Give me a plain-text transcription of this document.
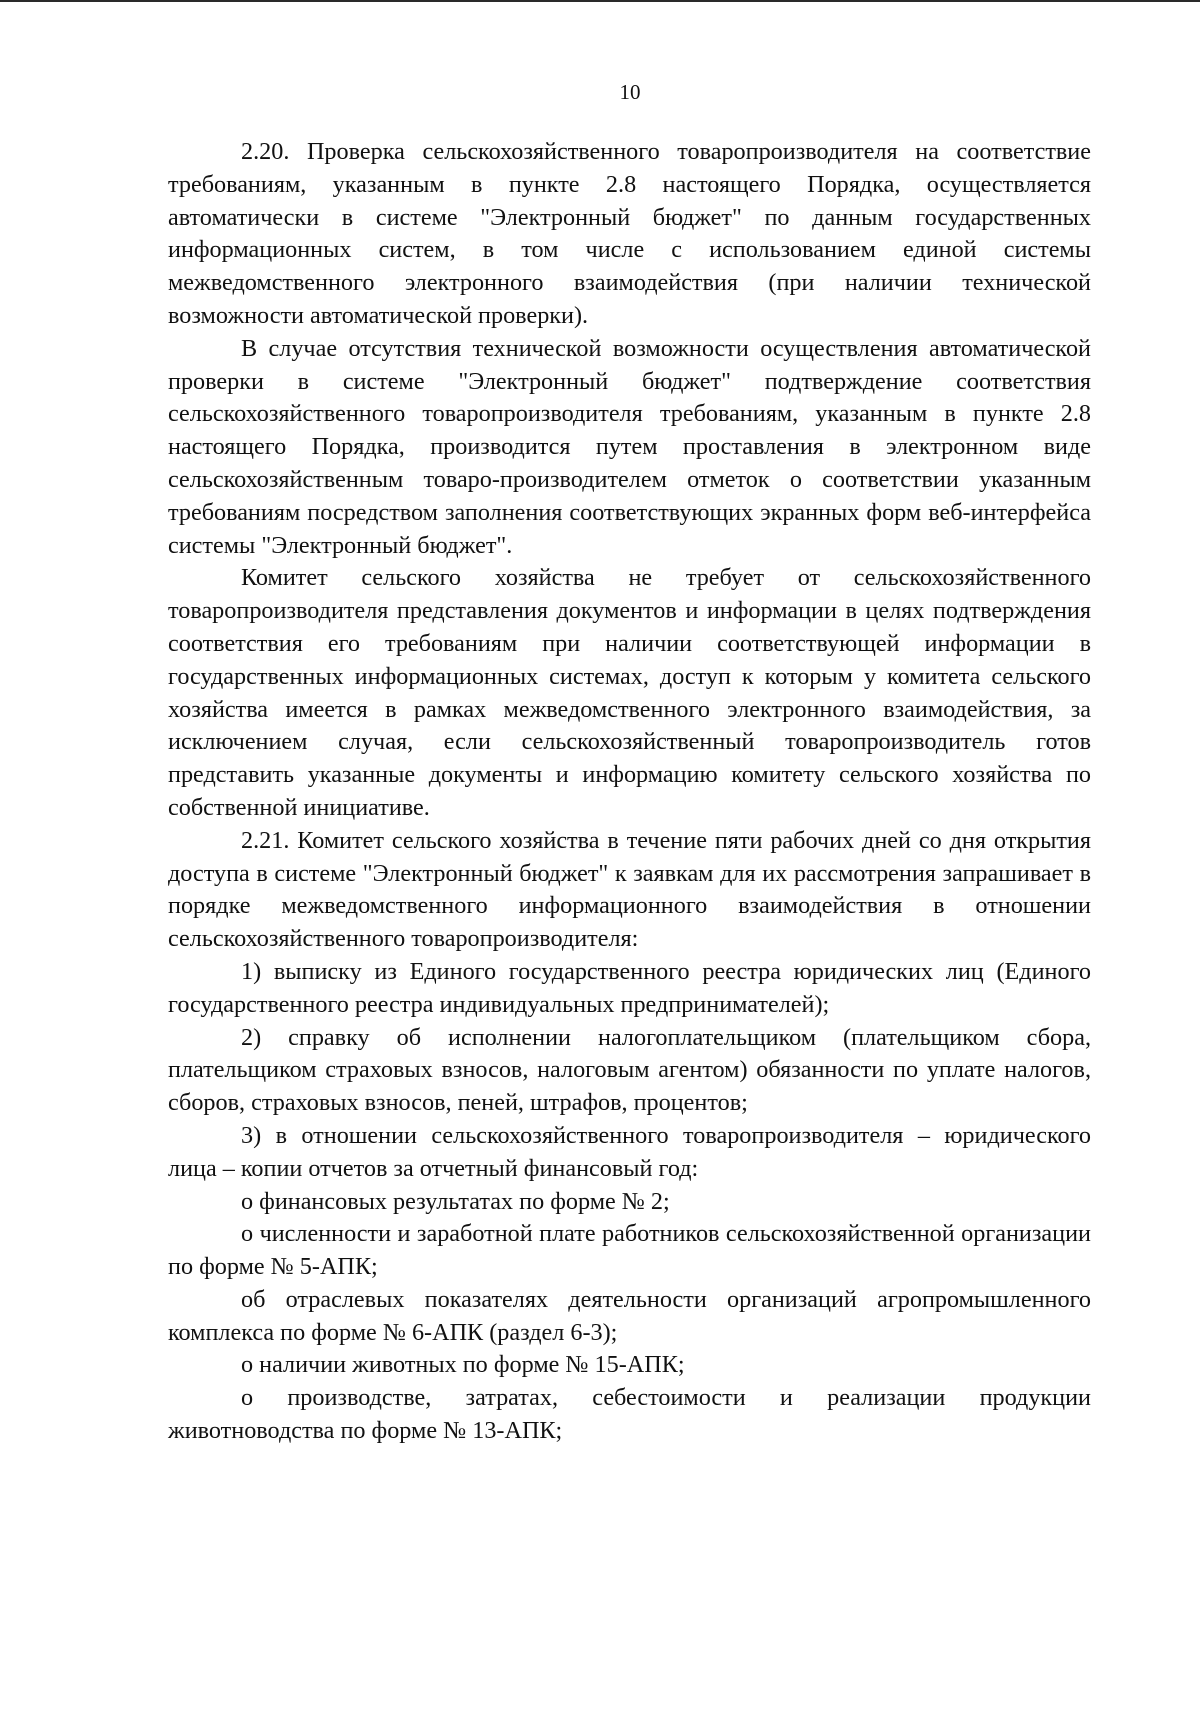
10

2.20. Проверка сельскохозяйственного товаропроизводителя на соответствие требованиям, указанным в пункте 2.8 настоящего Порядка, осуществляется автоматически в системе "Электронный бюджет" по данным государственных информационных систем, в том числе с использованием единой системы межведомственного электронного взаимодействия (при наличии технической возможности автоматической проверки).

В случае отсутствия технической возможности осуществления автоматической проверки в системе "Электронный бюджет" подтверждение соответствия сельскохозяйственного товаропроизводителя требованиям, указанным в пункте 2.8 настоящего Порядка, производится путем проставления в электронном виде сельскохозяйственным товаро-производителем отметок о соответствии указанным требованиям посредством заполнения соответствующих экранных форм веб-интерфейса системы "Электронный бюджет".

Комитет сельского хозяйства не требует от сельскохозяйственного товаропроизводителя представления документов и информации в целях подтверждения соответствия его требованиям при наличии соответствующей информации в государственных информационных системах, доступ к которым у комитета сельского хозяйства имеется в рамках межведомственного электронного взаимодействия, за исключением случая, если сельскохозяйственный товаропроизводитель готов представить указанные документы и информацию комитету сельского хозяйства по собственной инициативе.

2.21. Комитет сельского хозяйства в течение пяти рабочих дней со дня открытия доступа в системе "Электронный бюджет" к заявкам для их рассмотрения запрашивает в порядке межведомственного информационного взаимодействия в отношении сельскохозяйственного товаропроизводителя:

1) выписку из Единого государственного реестра юридических лиц (Единого государственного реестра индивидуальных предпринимателей);

2) справку об исполнении налогоплательщиком (плательщиком сбора, плательщиком страховых взносов, налоговым агентом) обязанности по уплате налогов, сборов, страховых взносов, пеней, штрафов, процентов;

3) в отношении сельскохозяйственного товаропроизводителя – юридического лица – копии отчетов за отчетный финансовый год:

о финансовых результатах по форме № 2;

о численности и заработной плате работников сельскохозяйственной организации по форме № 5-АПК;

об отраслевых показателях деятельности организаций агропромышленного комплекса по форме № 6-АПК (раздел 6-3);

о наличии животных по форме № 15-АПК;

о производстве, затратах, себестоимости и реализации продукции животноводства по форме № 13-АПК;
